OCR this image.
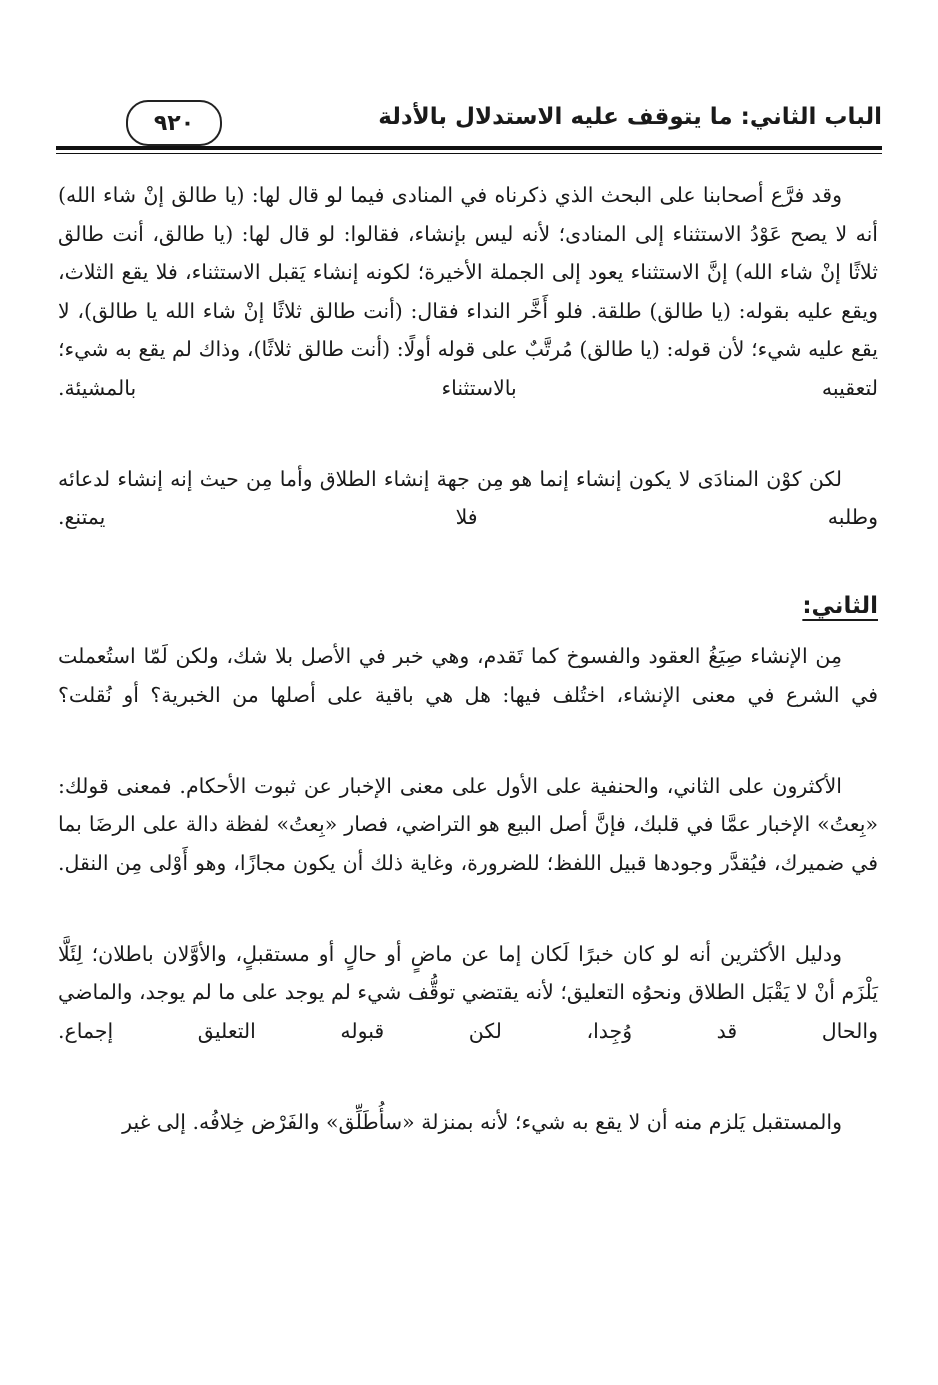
٩٢٠	الباب الثاني: ما يتوقف عليه الاستدلال بالأدلة

وقد فرَّع أصحابنا على البحث الذي ذكرناه في المنادى فيما لو قال لها: (يا طالق إنْ شاء الله) أنه لا يصح عَوْدُ الاستثناء إلى المنادى؛ لأنه ليس بإنشاء، فقالوا: لو قال لها: (يا طالق، أنت طالق ثلاثًا إنْ شاء الله) إنَّ الاستثناء يعود إلى الجملة الأخيرة؛ لكونه إنشاء يَقبل الاستثناء، فلا يقع الثلاث، ويقع عليه بقوله: (يا طالق) طلقة. فلو أَخَّر النداء فقال: (أنت طالق ثلاثًا إنْ شاء الله يا طالق)، لا يقع عليه شيء؛ لأن قوله: (يا طالق) مُرتَّبٌ على قوله أولًا: (أنت طالق ثلاثًا)، وذاك لم يقع به شيء؛ لتعقيبه بالاستثناء بالمشيئة.

لكن كوْن المنادَى لا يكون إنشاء إنما هو مِن جهة إنشاء الطلاق وأما مِن حيث إنه إنشاء لدعائه وطلبه فلا يمتنع.

الثاني:

مِن الإنشاء صِيَغُ العقود والفسوخ كما تَقدم، وهي خبر في الأصل بلا شك، ولكن لَمّا استُعملت في الشرع في معنى الإنشاء، اختُلف فيها: هل هي باقية على أصلها من الخبرية؟ أو نُقلت؟

الأكثرون على الثاني، والحنفية على الأول على معنى الإخبار عن ثبوت الأحكام. فمعنى قولك: «بِعتُ» الإخبار عمَّا في قلبك، فإنَّ أصل البيع هو التراضي، فصار «بِعتُ» لفظة دالة على الرضَا بما في ضميرك، فيُقدَّر وجودها قبيل اللفظ؛ للضرورة، وغاية ذلك أن يكون مجازًا، وهو أَوْلى مِن النقل.

ودليل الأكثرين أنه لو كان خبرًا لَكان إما عن ماضٍ أو حالٍ أو مستقبلٍ، والأوَّلان باطلان؛ لِئَلَّا يَلْزَم أنْ لا يَقْبَل الطلاق ونحوُه التعليق؛ لأنه يقتضي توقُّف شيء لم يوجد على ما لم يوجد، والماضي والحال قد وُجِدا، لكن قبوله التعليق إجماع.

والمستقبل يَلزم منه أن لا يقع به شيء؛ لأنه بمنزلة «سأُطَلِّق» والفَرْض خِلافُه. إلى غير
